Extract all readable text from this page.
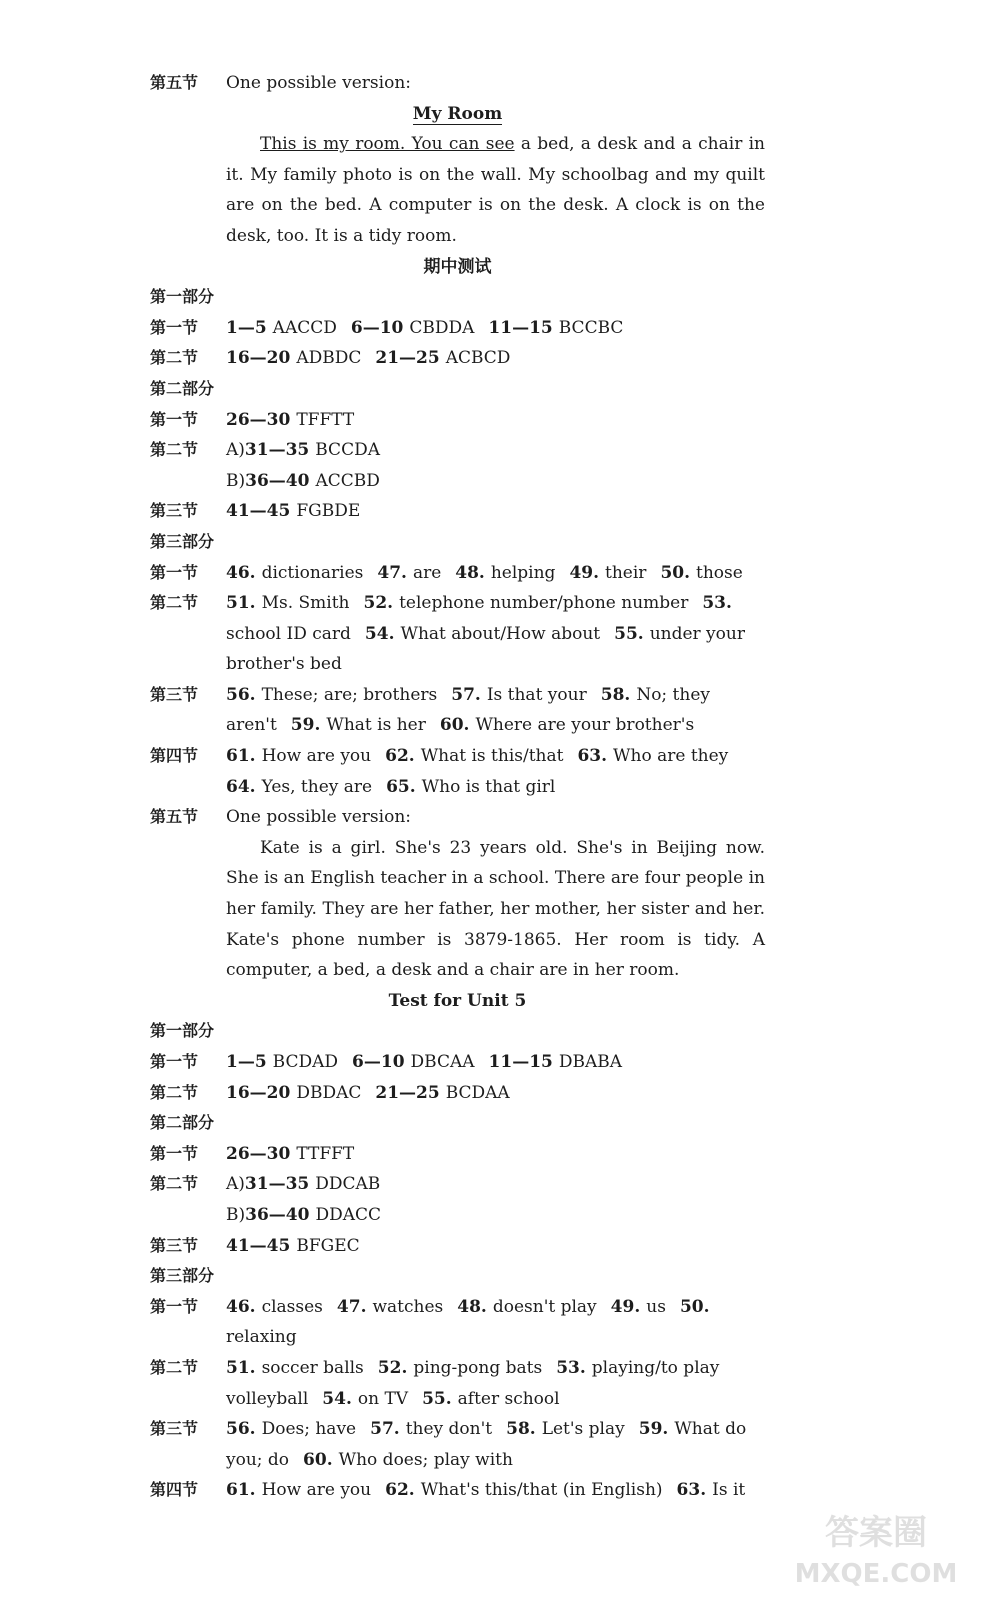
第五节	One possible version:
My Room

This is my room. You can see a bed, a desk and a chair in it. My family photo is on the wall. My schoolbag and my quilt are on the bed. A computer is on the desk. A clock is on the desk, too. It is a tidy room.

期中测试
第一部分
第一节	1—5 AACCD 6—10 CBDDA 11—15 BCCBC
第二节	16—20 ADBDC 21—25 ACBCD
第二部分
第一节	26—30 TFFTT
第二节	A)31—35 BCCDA
B)36—40 ACCBD
第三节	41—45 FGBDE
第三部分
第一节	46. dictionaries 47. are 48. helping 49. their 50. those
第二节	51. Ms. Smith 52. telephone number/phone number 53.school ID card 54. What about/How about 55. under your brother's bed
第三节	56. These; are; brothers 57. Is that your 58. No; they aren't 59. What is her 60. Where are your brother's
第四节	61. How are you 62. What is this/that 63. Who are they64. Yes, they are 65. Who is that girl
第五节	One possible version:

Kate is a girl. She's 23 years old. She's in Beijing now. She is an English teacher in a school. There are four people in her family. They are her father, her mother, her sister and her. Kate's phone number is 3879-1865. Her room is tidy. A computer, a bed, a desk and a chair are in her room.

Test for Unit 5
第一部分
第一节	1—5 BCDAD 6—10 DBCAA 11—15 DBABA
第二节	16—20 DBDAC 21—25 BCDAA
第二部分
第一节	26—30 TTFFT
第二节	A)31—35 DDCAB
B)36—40 DDACC
第三节	41—45 BFGEC
第三部分
第一节	46. classes 47. watches 48. doesn't play 49. us 50.relaxing
第二节	51. soccer balls 52. ping-pong bats 53. playing/to play volleyball 54. on TV 55. after school
第三节	56. Does; have 57. they don't 58. Let's play 59. What do you; do 60. Who does; play with
第四节	61. How are you 62. What's this/that (in English) 63. Is it
答案圈
MXQE.COM
